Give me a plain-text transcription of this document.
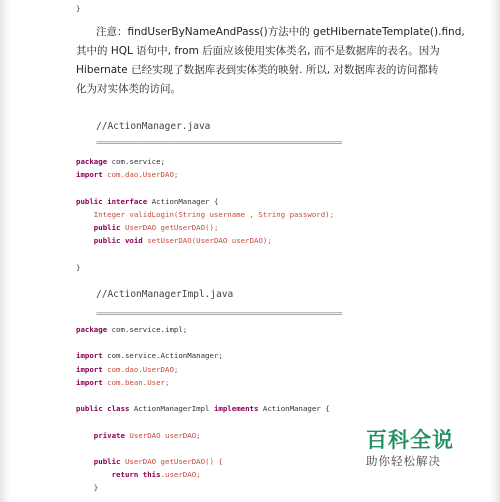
}
注意：findUserByNameAndPass()方法中的 getHibernateTemplate().find,
其中的 HQL 语句中, from 后面应该使用实体类名, 而不是数据库的表名。因为
Hibernate 已经实现了数据库表到实体类的映射. 所以, 对数据库表的访问都转
化为对实体类的访问。
//ActionManager.java
====================================================================
package com.service;
import com.dao.UserDAO;
public interface ActionManager {
Integer validLogin(String username , String password);
public UserDAO getUserDAO();
public void setUserDAO(UserDAO userDAO);
}
//ActionManagerImpl.java
====================================================================
package com.service.impl;
import com.service.ActionManager;
import com.dao.UserDAO;
import com.bean.User;
public class ActionManagerImpl implements ActionManager {
private UserDAO userDAO;
public UserDAO getUserDAO() {
return this.userDAO;
}
百科全说
助你轻松解决
